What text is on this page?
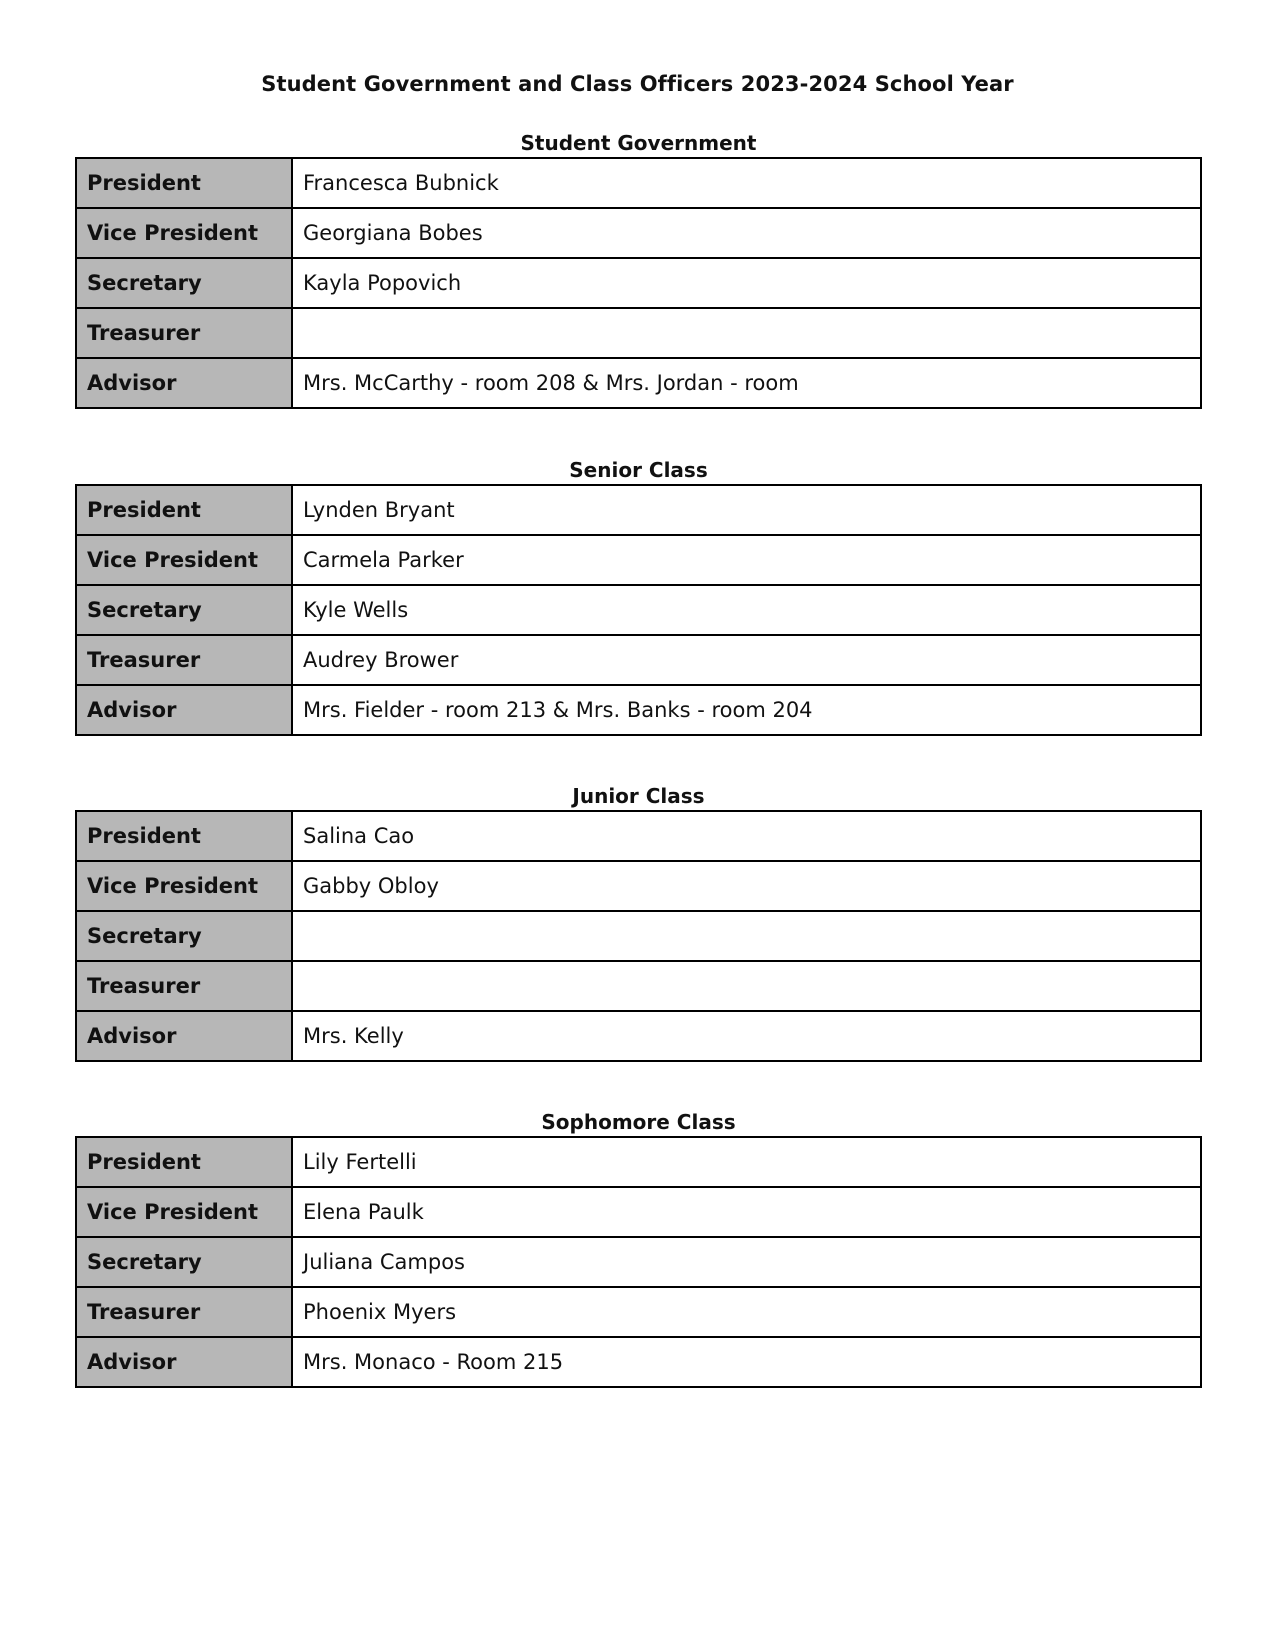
Student Government and Class Officers 2023-2024 School Year
Student Government
President	Francesca Bubnick
Vice President	Georgiana Bobes
Secretary	Kayla Popovich
Treasurer	
Advisor	Mrs. McCarthy - room 208 & Mrs. Jordan - room
Senior Class
President	Lynden Bryant
Vice President	Carmela Parker
Secretary	Kyle Wells
Treasurer	Audrey Brower
Advisor	Mrs. Fielder - room 213 & Mrs. Banks - room 204
Junior Class
President	Salina Cao
Vice President	Gabby Obloy
Secretary	
Treasurer	
Advisor	Mrs. Kelly
Sophomore Class
President	Lily Fertelli
Vice President	Elena Paulk
Secretary	Juliana Campos
Treasurer	Phoenix Myers
Advisor	Mrs. Monaco - Room 215
